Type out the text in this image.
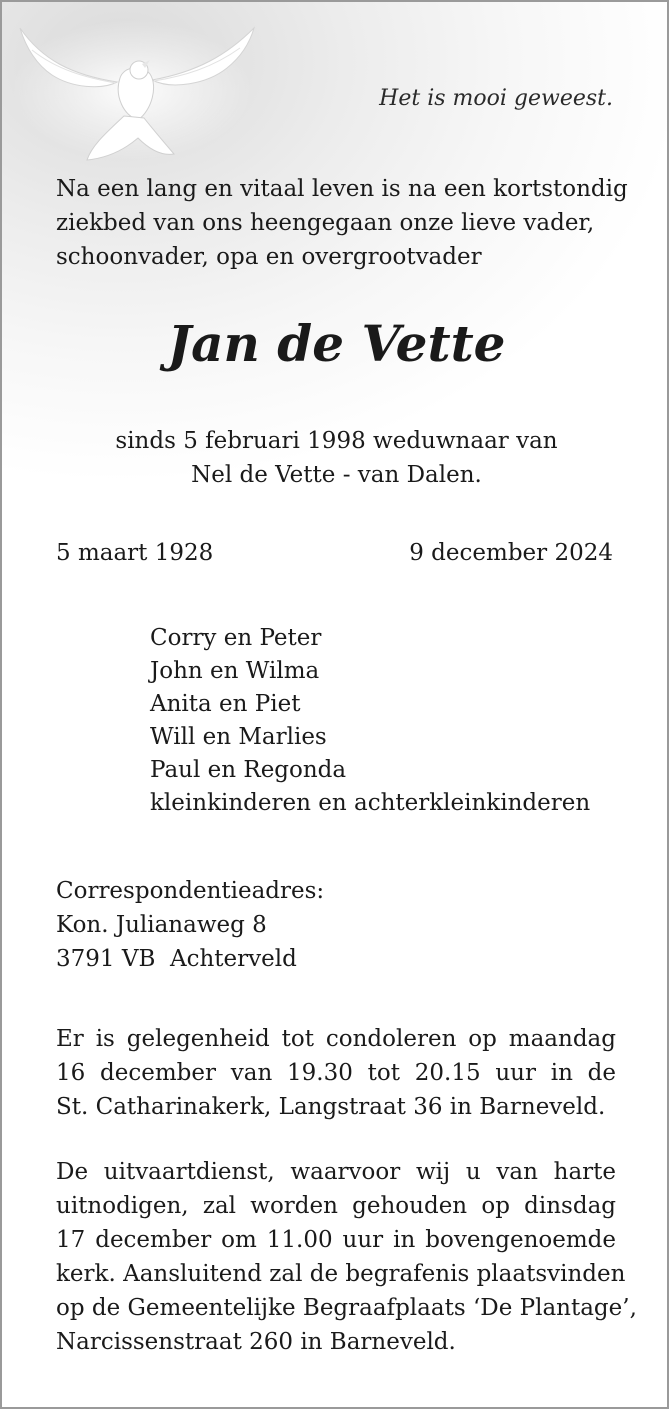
Het is mooi geweest.
Na een lang en vitaal leven is na een kortstondig
ziekbed van ons heengegaan onze lieve vader,
schoonvader, opa en overgrootvader
Jan de Vette
sinds 5 februari 1998 weduwnaar van
Nel de Vette - van Dalen.
5 maart 1928	9 december 2024
Corry en Peter
John en Wilma
Anita en Piet
Will en Marlies
Paul en Regonda
kleinkinderen en achterkleinkinderen
Correspondentieadres:
Kon. Julianaweg 8
3791 VB  Achterveld
Er is gelegenheid tot condoleren op maandag
16 december van 19.30 tot 20.15 uur in de
St. Catharinakerk, Langstraat 36 in Barneveld.
De uitvaartdienst, waarvoor wij u van harte
uitnodigen, zal worden gehouden op dinsdag
17 december om 11.00 uur in bovengenoemde
kerk. Aansluitend zal de begrafenis plaatsvinden
op de Gemeentelijke Begraafplaats ‘De Plantage’,
Narcissenstraat 260 in Barneveld.
